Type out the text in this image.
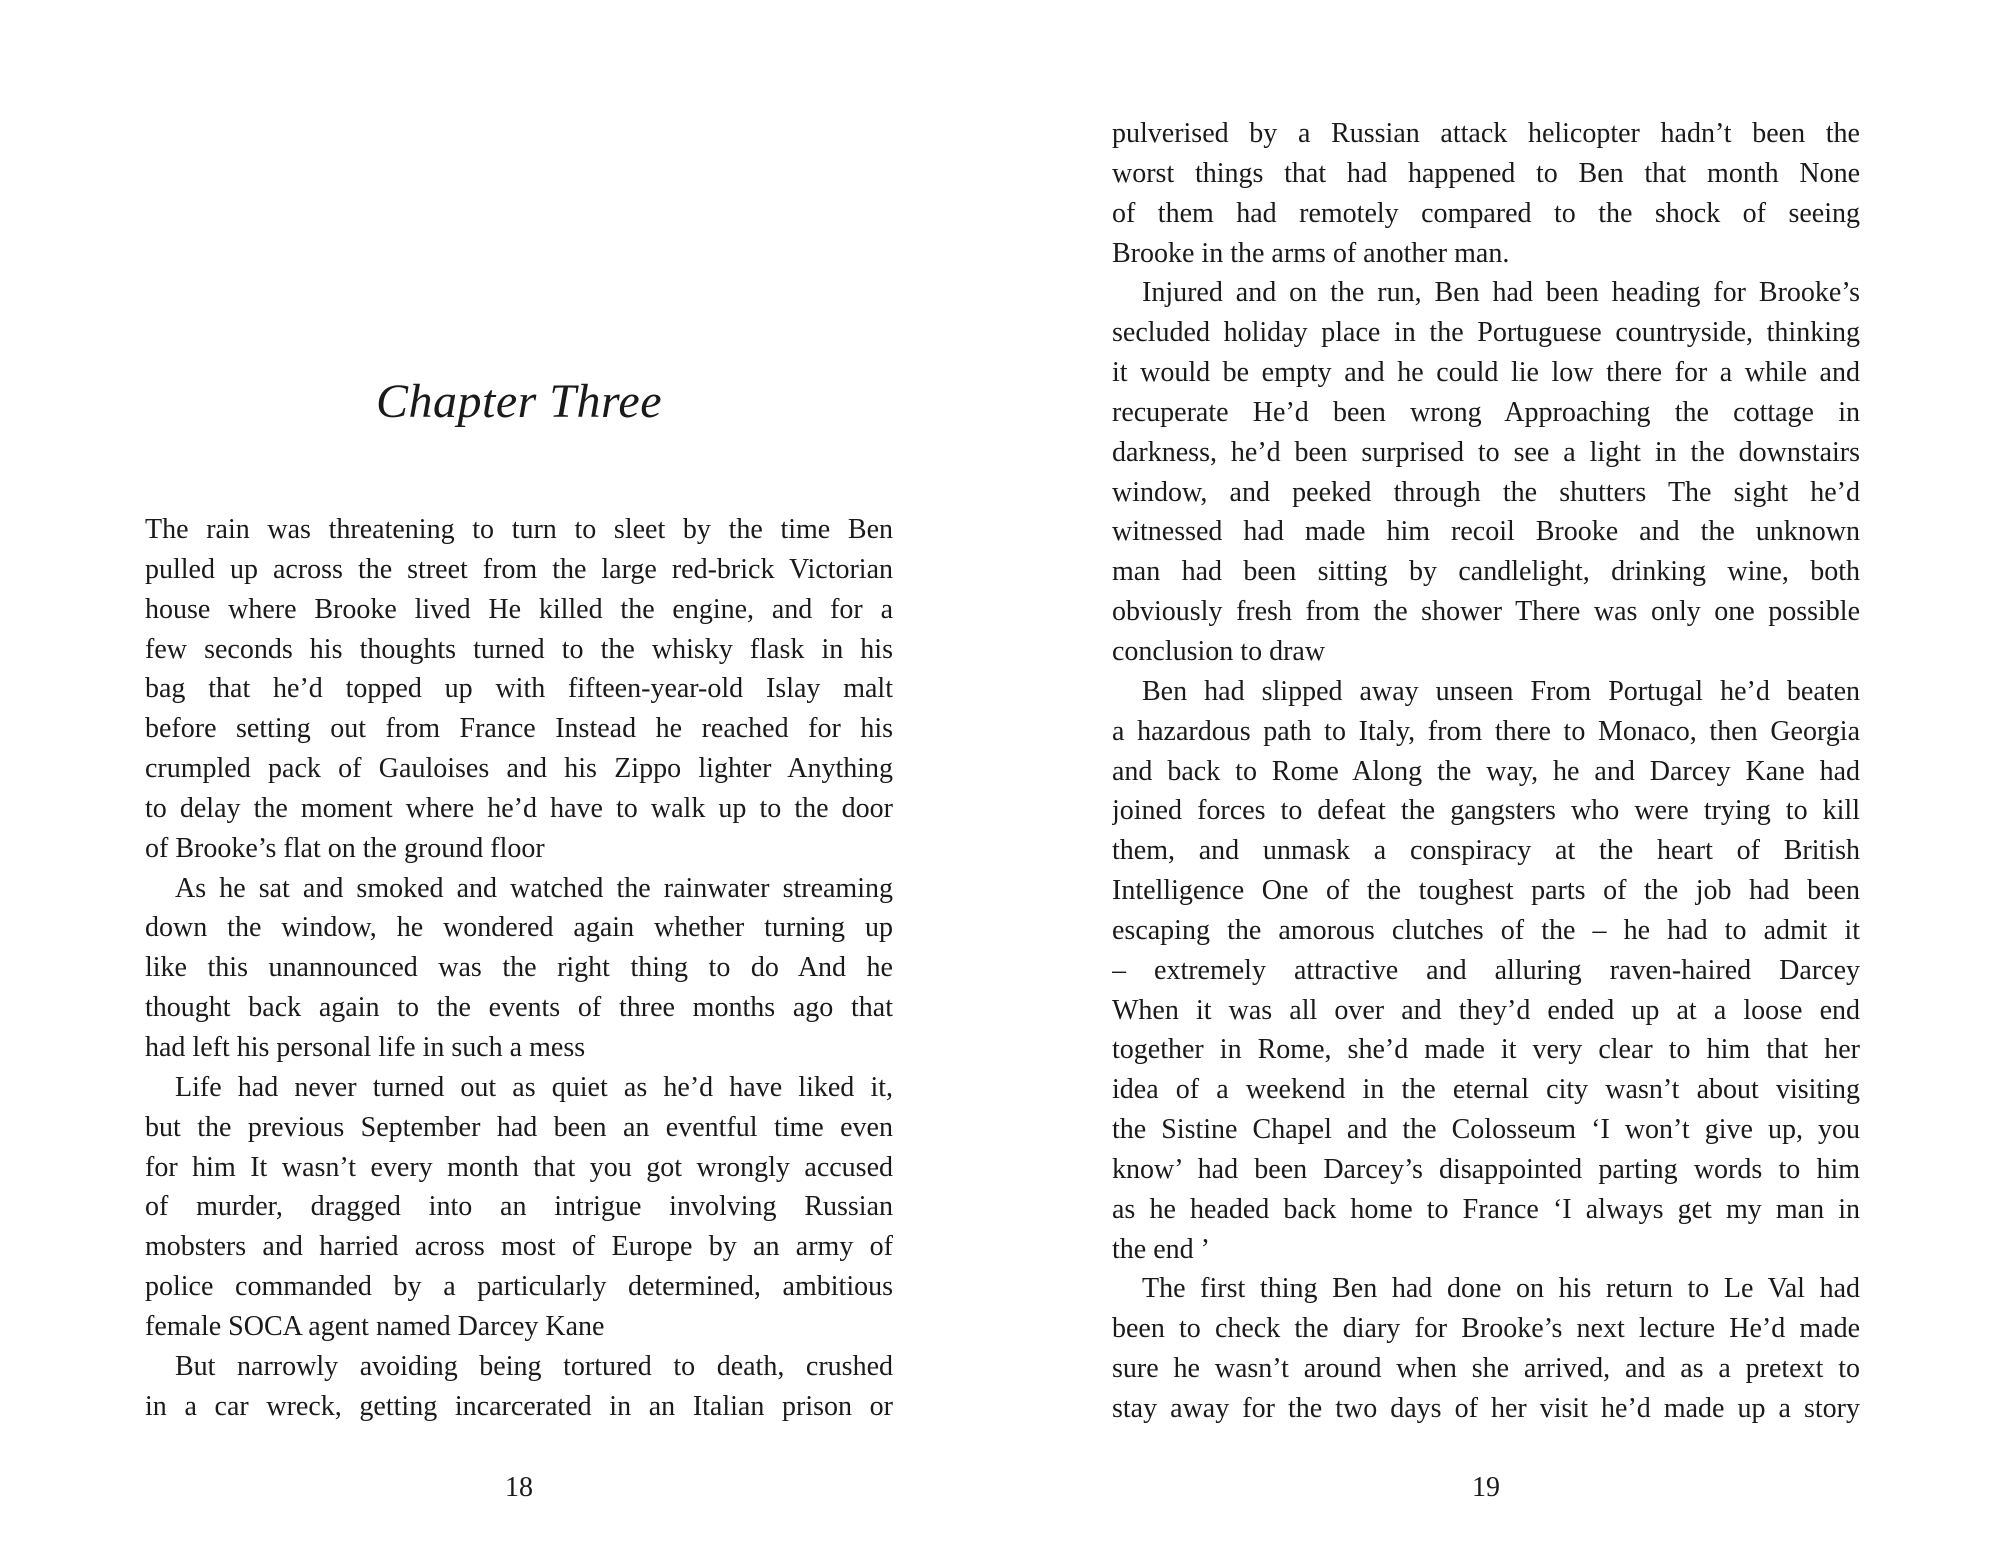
Chapter Three
The rain was threatening to turn to sleet by the time Ben
pulled up across the street from the large red-brick Victorian
house where Brooke lived He killed the engine, and for a
few seconds his thoughts turned to the whisky flask in his
bag that he’d topped up with fifteen-year-old Islay malt
before setting out from France Instead he reached for his
crumpled pack of Gauloises and his Zippo lighter Anything
to delay the moment where he’d have to walk up to the door
of Brooke’s flat on the ground floor
As he sat and smoked and watched the rainwater streaming
down the window, he wondered again whether turning up
like this unannounced was the right thing to do And he
thought back again to the events of three months ago that
had left his personal life in such a mess
Life had never turned out as quiet as he’d have liked it,
but the previous September had been an eventful time even
for him It wasn’t every month that you got wrongly accused
of murder, dragged into an intrigue involving Russian
mobsters and harried across most of Europe by an army of
police commanded by a particularly determined, ambitious
female SOCA agent named Darcey Kane
But narrowly avoiding being tortured to death, crushed
in a car wreck, getting incarcerated in an Italian prison or

18

pulverised by a Russian attack helicopter hadn’t been the
worst things that had happened to Ben that month None
of them had remotely compared to the shock of seeing
Brooke in the arms of another man.
Injured and on the run, Ben had been heading for Brooke’s
secluded holiday place in the Portuguese countryside, thinking
it would be empty and he could lie low there for a while and
recuperate He’d been wrong Approaching the cottage in
darkness, he’d been surprised to see a light in the downstairs
window, and peeked through the shutters The sight he’d
witnessed had made him recoil Brooke and the unknown
man had been sitting by candlelight, drinking wine, both
obviously fresh from the shower There was only one possible
conclusion to draw
Ben had slipped away unseen From Portugal he’d beaten
a hazardous path to Italy, from there to Monaco, then Georgia
and back to Rome Along the way, he and Darcey Kane had
joined forces to defeat the gangsters who were trying to kill
them, and unmask a conspiracy at the heart of British
Intelligence One of the toughest parts of the job had been
escaping the amorous clutches of the – he had to admit it
– extremely attractive and alluring raven-haired Darcey
When it was all over and they’d ended up at a loose end
together in Rome, she’d made it very clear to him that her
idea of a weekend in the eternal city wasn’t about visiting
the Sistine Chapel and the Colosseum ‘I won’t give up, you
know’ had been Darcey’s disappointed parting words to him
as he headed back home to France ‘I always get my man in
the end ’
The first thing Ben had done on his return to Le Val had
been to check the diary for Brooke’s next lecture He’d made
sure he wasn’t around when she arrived, and as a pretext to
stay away for the two days of her visit he’d made up a story

19
